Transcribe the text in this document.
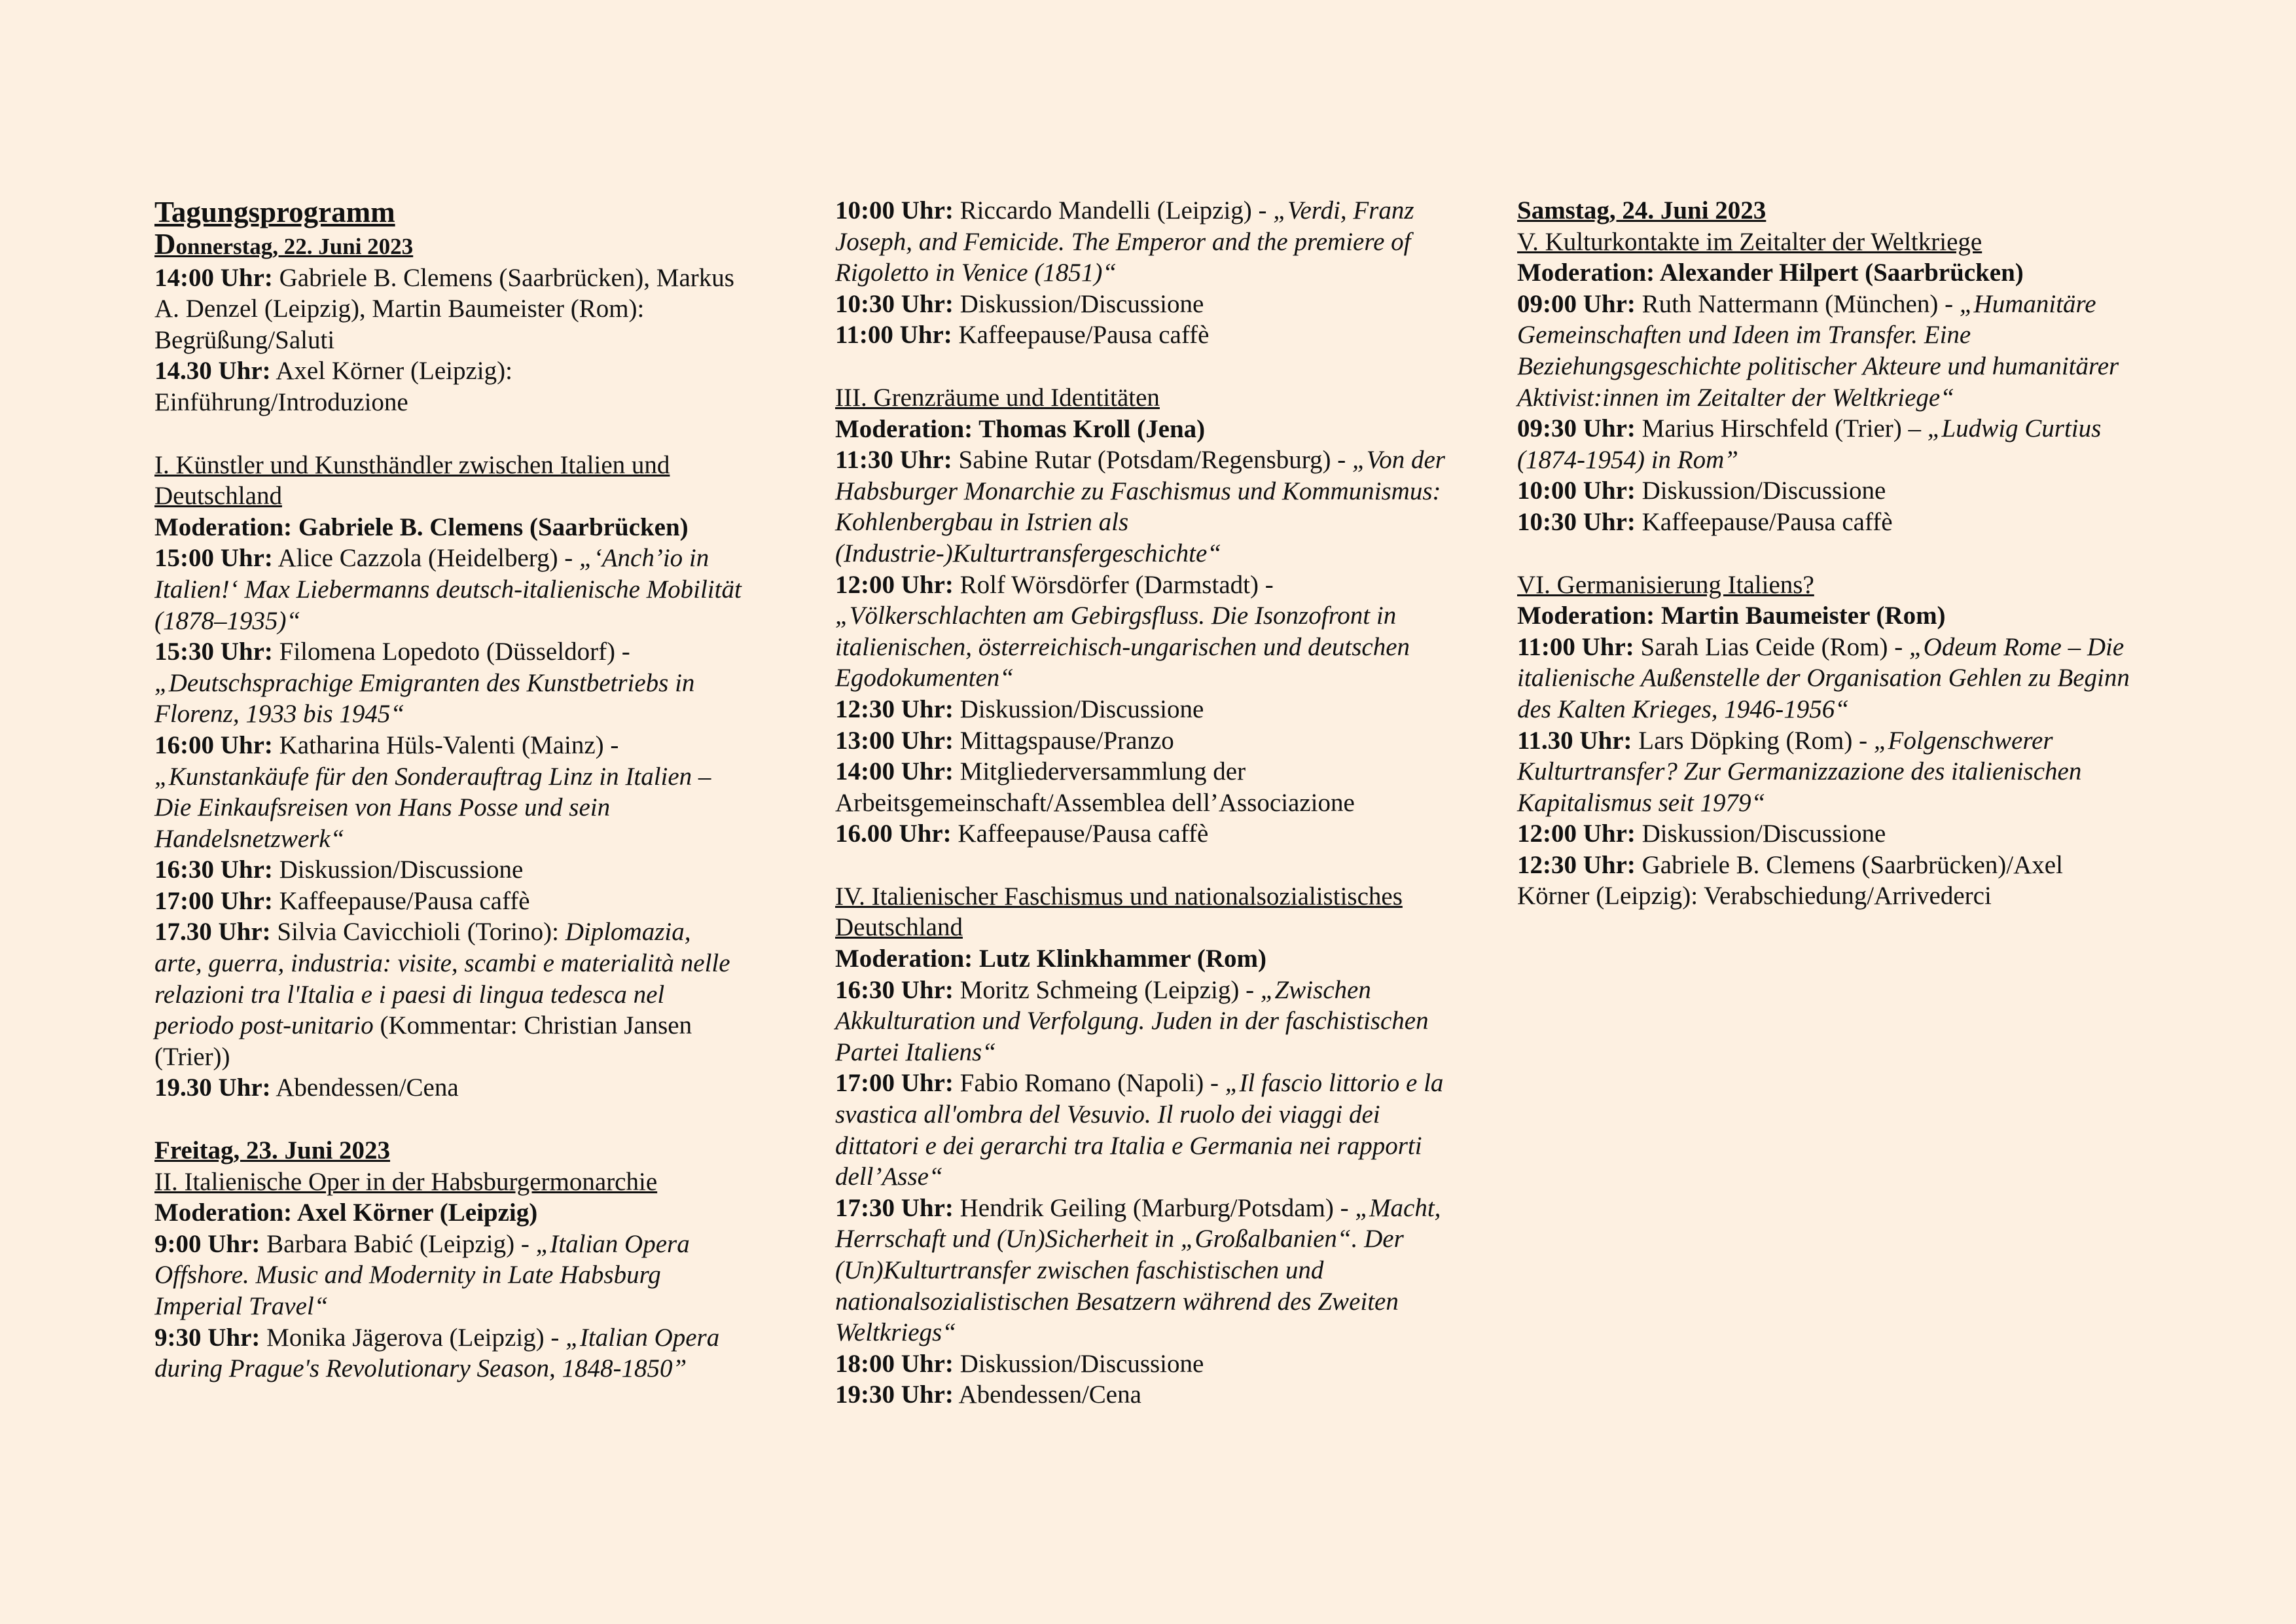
Tagungsprogramm
Donnerstag, 22. Juni 2023

14:00 Uhr: Gabriele B. Clemens (Saarbrücken), Markus A. Denzel (Leipzig), Martin Baumeister (Rom): Begrüßung/Saluti

14.30 Uhr: Axel Körner (Leipzig): Einführung/Introduzione

I. Künstler und Kunsthändler zwischen Italien und Deutschland
Moderation: Gabriele B. Clemens (Saarbrücken)

15:00 Uhr: Alice Cazzola (Heidelberg) - „‘Anch’io in Italien!‘ Max Liebermanns deutsch-italienische Mobilität (1878–1935)“

15:30 Uhr: Filomena Lopedoto (Düsseldorf) - „Deutschsprachige Emigranten des Kunstbetriebs in Florenz, 1933 bis 1945“

16:00 Uhr: Katharina Hüls-Valenti (Mainz) - „Kunstankäufe für den Sonderauftrag Linz in Italien – Die Einkaufsreisen von Hans Posse und sein Handelsnetzwerk“

16:30 Uhr: Diskussion/Discussione

17:00 Uhr: Kaffeepause/Pausa caffè

17.30 Uhr: Silvia Cavicchioli (Torino): Diplomazia, arte, guerra, industria: visite, scambi e materialità nelle relazioni tra l'Italia e i paesi di lingua tedesca nel periodo post-unitario (Kommentar: Christian Jansen (Trier))

19.30 Uhr: Abendessen/Cena

Freitag, 23. Juni 2023
II. Italienische Oper in der Habsburgermonarchie
Moderation: Axel Körner (Leipzig)

9:00 Uhr: Barbara Babić (Leipzig) - „Italian Opera Offshore. Music and Modernity in Late Habsburg Imperial Travel“

9:30 Uhr: Monika Jägerova (Leipzig) - „Italian Opera during Prague's Revolutionary Season, 1848-1850”

10:00 Uhr: Riccardo Mandelli (Leipzig) - „Verdi, Franz Joseph, and Femicide. The Emperor and the premiere of Rigoletto in Venice (1851)“

10:30 Uhr: Diskussion/Discussione

11:00 Uhr: Kaffeepause/Pausa caffè

III. Grenzräume und Identitäten
Moderation: Thomas Kroll (Jena)

11:30 Uhr: Sabine Rutar (Potsdam/Regensburg) - „Von der Habsburger Monarchie zu Faschismus und Kommunismus: Kohlenbergbau in Istrien als (Industrie-)Kulturtransfergeschichte“

12:00 Uhr: Rolf Wörsdörfer (Darmstadt) - „Völkerschlachten am Gebirgsfluss. Die Isonzofront in italienischen, österreichisch-ungarischen und deutschen Egodokumenten“

12:30 Uhr: Diskussion/Discussione

13:00 Uhr: Mittagspause/Pranzo

14:00 Uhr: Mitgliederversammlung der Arbeitsgemeinschaft/Assemblea dell’Associazione

16.00 Uhr: Kaffeepause/Pausa caffè

IV. Italienischer Faschismus und nationalsozialistisches Deutschland
Moderation: Lutz Klinkhammer (Rom)

16:30 Uhr: Moritz Schmeing (Leipzig) - „Zwischen Akkulturation und Verfolgung. Juden in der faschistischen Partei Italiens“

17:00 Uhr: Fabio Romano (Napoli) - „Il fascio littorio e la svastica all'ombra del Vesuvio. Il ruolo dei viaggi dei dittatori e dei gerarchi tra Italia e Germania nei rapporti dell’Asse“

17:30 Uhr: Hendrik Geiling (Marburg/Potsdam) - „Macht, Herrschaft und (Un)Sicherheit in „Großalbanien“. Der (Un)Kulturtransfer zwischen faschistischen und nationalsozialistischen Besatzern während des Zweiten Weltkriegs“

18:00 Uhr: Diskussion/Discussione

19:30 Uhr: Abendessen/Cena

Samstag, 24. Juni 2023
V. Kulturkontakte im Zeitalter der Weltkriege
Moderation: Alexander Hilpert (Saarbrücken)

09:00 Uhr: Ruth Nattermann (München) - „Humanitäre Gemeinschaften und Ideen im Transfer. Eine Beziehungsgeschichte politischer Akteure und humanitärer Aktivist:innen im Zeitalter der Weltkriege“

09:30 Uhr: Marius Hirschfeld (Trier) – „Ludwig Curtius (1874-1954) in Rom”

10:00 Uhr: Diskussion/Discussione

10:30 Uhr: Kaffeepause/Pausa caffè

VI. Germanisierung Italiens?
Moderation: Martin Baumeister (Rom)

11:00 Uhr: Sarah Lias Ceide (Rom) - „Odeum Rome – Die italienische Außenstelle der Organisation Gehlen zu Beginn des Kalten Krieges, 1946-1956“

11.30 Uhr: Lars Döpking (Rom) - „Folgenschwerer Kulturtransfer? Zur Germanizzazione des italienischen Kapitalismus seit 1979“

12:00 Uhr: Diskussion/Discussione

12:30 Uhr: Gabriele B. Clemens (Saarbrücken)/Axel Körner (Leipzig): Verabschiedung/Arrivederci
